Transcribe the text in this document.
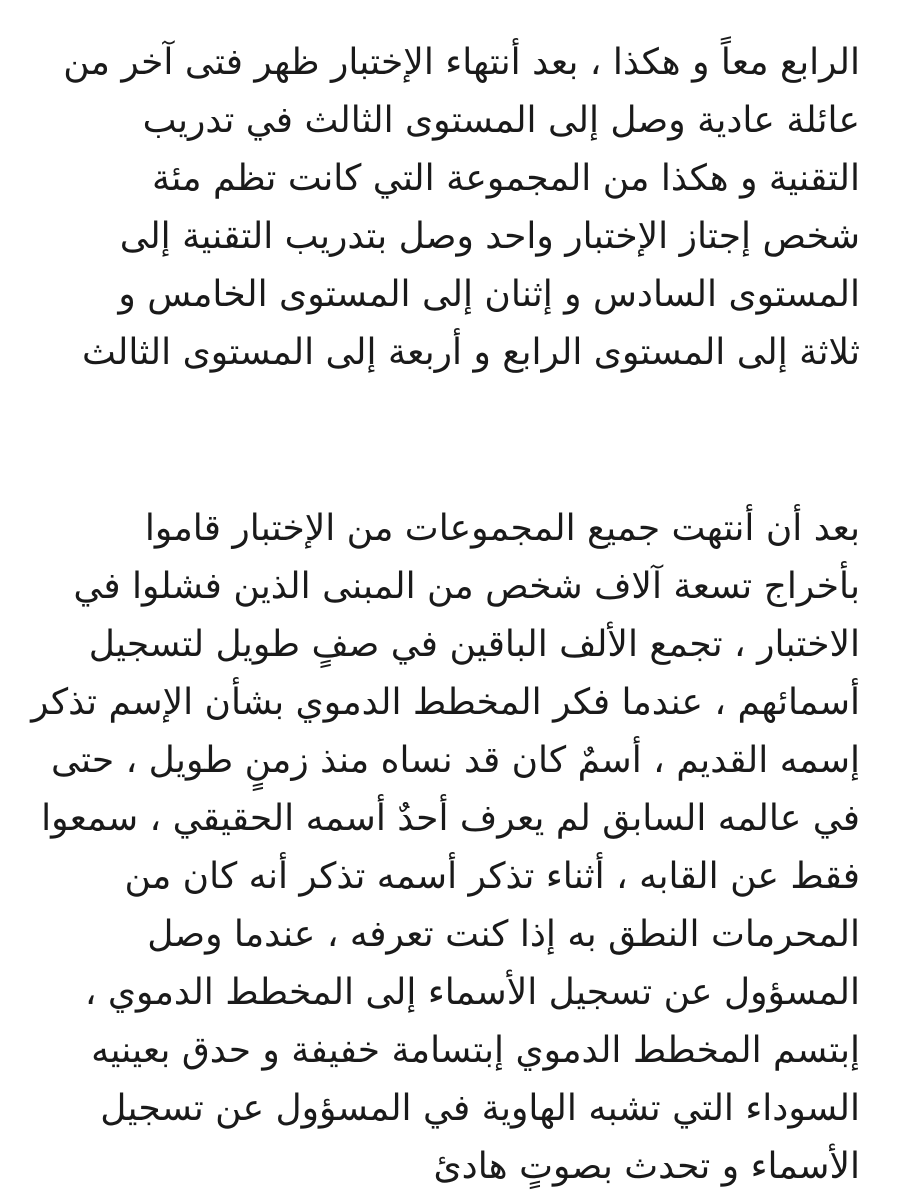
الرابع معاً و هكذا ، بعد أنتهاء الإختبار ظهر فتى آخر من
عائلة عادية وصل إلى المستوى الثالث في تدريب
التقنية و هكذا من المجموعة التي كانت تظم مئة
شخص إجتاز الإختبار واحد وصل بتدريب التقنية إلى
المستوى السادس و إثنان إلى المستوى الخامس و
ثلاثة إلى المستوى الرابع و أربعة إلى المستوى الثالث
بعد أن أنتهت جميع المجموعات من الإختبار قاموا
بأخراج تسعة آلاف شخص من المبنى الذين فشلوا في
الاختبار ، تجمع الألف الباقين في صفٍ طويل لتسجيل
أسمائهم ، عندما فكر المخطط الدموي بشأن الإسم تذكر
إسمه القديم ، أسمٌ كان قد نساه منذ زمنٍ طويل ، حتى
في عالمه السابق لم يعرف أحدٌ أسمه الحقيقي ، سمعوا
فقط عن القابه ، أثناء تذكر أسمه تذكر أنه كان من
المحرمات النطق به إذا كنت تعرفه ، عندما وصل
المسؤول عن تسجيل الأسماء إلى المخطط الدموي ،
إبتسم المخطط الدموي إبتسامة خفيفة و حدق بعينيه
السوداء التي تشبه الهاوية في المسؤول عن تسجيل
الأسماء و تحدث بصوتٍ هادئ
